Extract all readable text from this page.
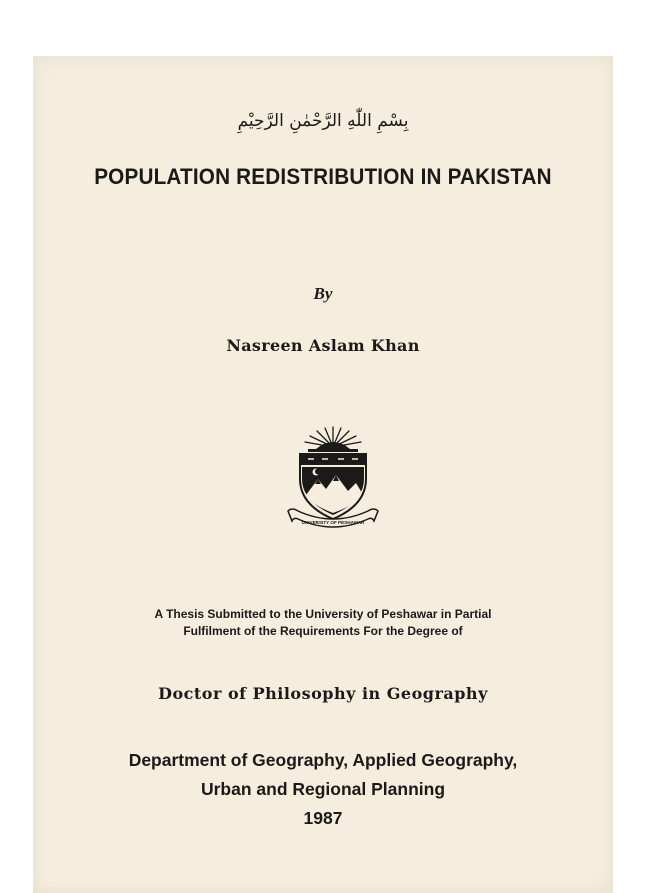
بِسْمِ اللّٰهِ الرَّحْمٰنِ الرَّحِيْمِ
POPULATION REDISTRIBUTION IN PAKISTAN
By
Nasreen Aslam Khan
UNIVERSITY OF PESHAWAR
A Thesis Submitted to the University of Peshawar in Partial
Fulfilment of the Requirements For the Degree of
Doctor of Philosophy in Geography
Department of Geography, Applied Geography,
Urban and Regional Planning
1987
